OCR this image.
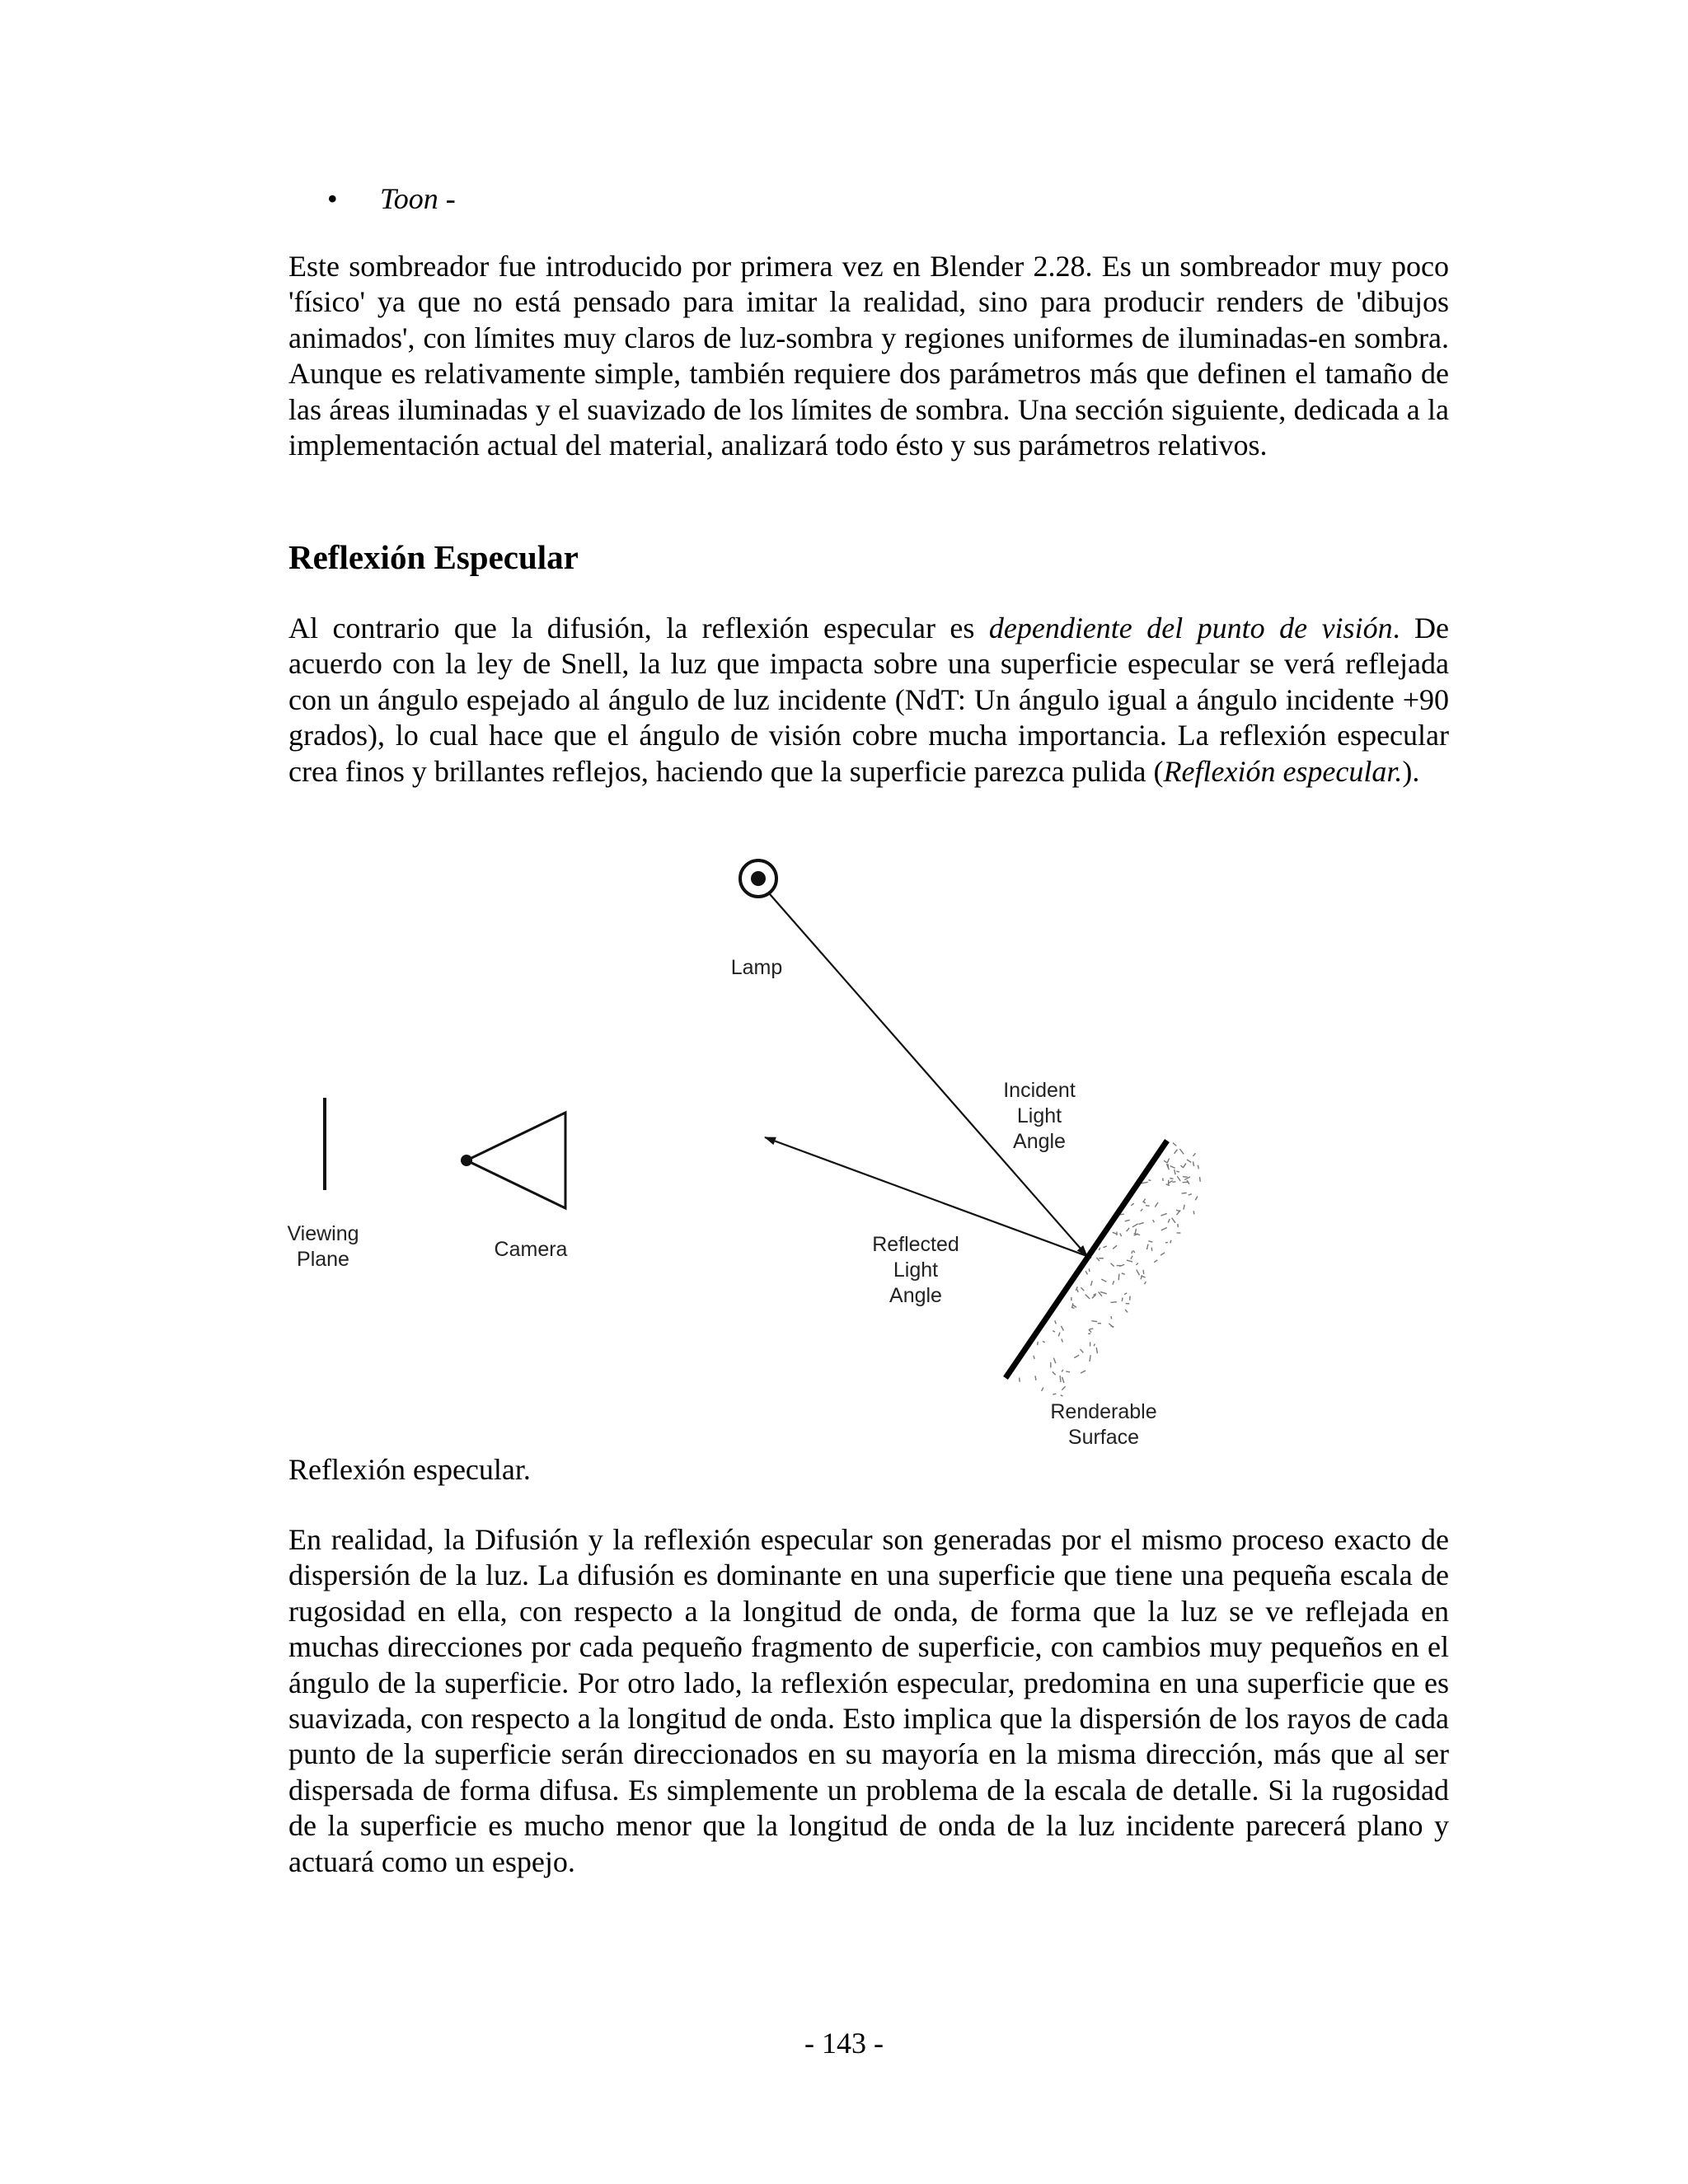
• Toon -

Este sombreador fue introducido por primera vez en Blender 2.28. Es un sombreador muy poco 'físico' ya que no está pensado para imitar la realidad, sino para producir renders de 'dibujos animados', con límites muy claros de luz-sombra y regiones uniformes de iluminadas-en sombra. Aunque es relativamente simple, también requiere dos parámetros más que definen el tamaño de las áreas iluminadas y el suavizado de los límites de sombra. Una sección siguiente, dedicada a la implementación actual del material, analizará todo ésto y sus parámetros relativos.

Reflexión Especular

Al contrario que la difusión, la reflexión especular es dependiente del punto de visión. De acuerdo con la ley de Snell, la luz que impacta sobre una superficie especular se verá reflejada con un ángulo espejado al ángulo de luz incidente (NdT: Un ángulo igual a ángulo incidente +90 grados), lo cual hace que el ángulo de visión cobre mucha importancia. La reflexión especular crea finos y brillantes reflejos, haciendo que la superficie parezca pulida (Reflexión especular.).

Lamp
Incident
Light
Angle
Viewing
Plane	Camera	Reflected
Light
Angle
Renderable
Surface

Reflexión especular.

En realidad, la Difusión y la reflexión especular son generadas por el mismo proceso exacto de dispersión de la luz. La difusión es dominante en una superficie que tiene una pequeña escala de rugosidad en ella, con respecto a la longitud de onda, de forma que la luz se ve reflejada en muchas direcciones por cada pequeño fragmento de superficie, con cambios muy pequeños en el ángulo de la superficie. Por otro lado, la reflexión especular, predomina en una superficie que es suavizada, con respecto a la longitud de onda. Esto implica que la dispersión de los rayos de cada punto de la superficie serán direccionados en su mayoría en la misma dirección, más que al ser dispersada de forma difusa. Es simplemente un problema de la escala de detalle. Si la rugosidad de la superficie es mucho menor que la longitud de onda de la luz incidente parecerá plano y actuará como un espejo.

- 143 -
